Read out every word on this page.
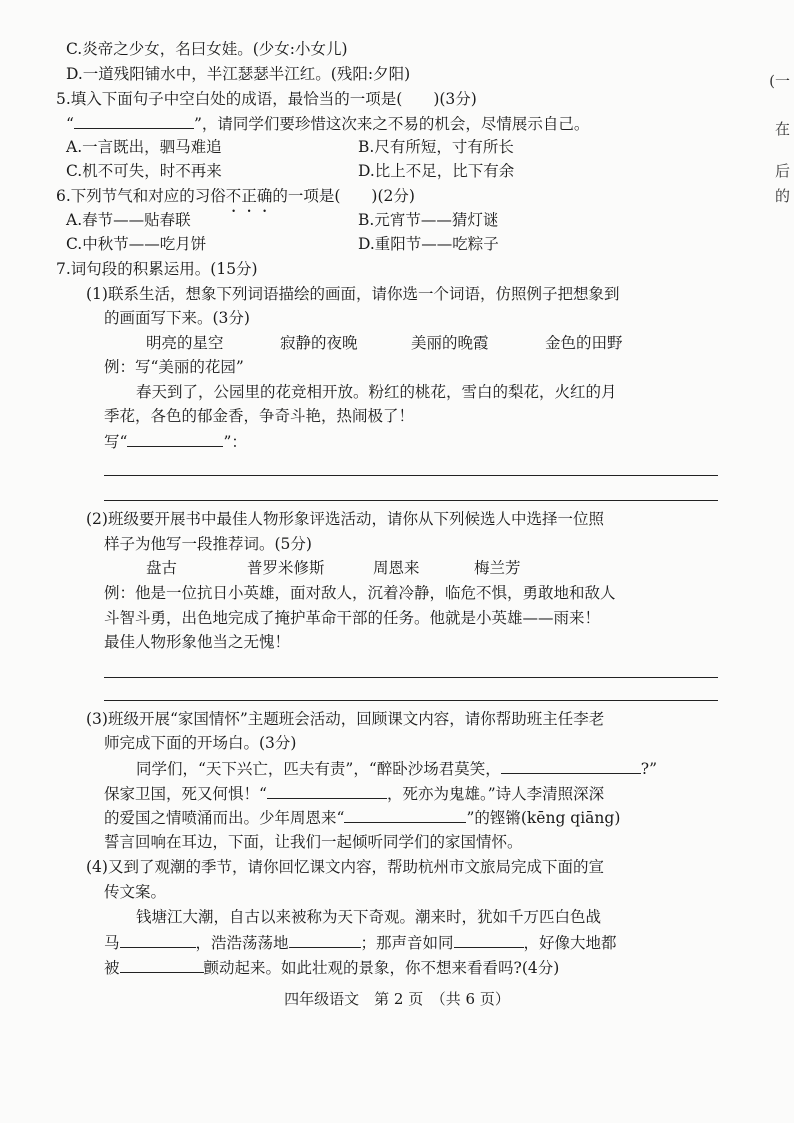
C.炎帝之少女，名曰女娃。(少女:小女儿)
D.一道残阳铺水中，半江瑟瑟半江红。(残阳:夕阳)
5.填入下面句子中空白处的成语，最恰当的一项是(　　)(3分)
“	”，请同学们要珍惜这次来之不易的机会，尽情展示自己。
A.一言既出，驷马难追	B.尺有所短，寸有所长
C.机不可失，时不再来	D.比上不足，比下有余
6.下列节气和对应的习俗不正确的一项是(　　)(2分)
A.春节——贴春联	B.元宵节——猜灯谜
C.中秋节——吃月饼	D.重阳节——吃粽子
7.词句段的积累运用。(15分)
(1)联系生活，想象下列词语描绘的画面，请你选一个词语，仿照例子把想象到
的画面写下来。(3分)
明亮的星空	寂静的夜晚	美丽的晚霞	金色的田野
例：写“美丽的花园”
春天到了，公园里的花竞相开放。粉红的桃花，雪白的梨花，火红的月
季花，各色的郁金香，争奇斗艳，热闹极了！
写“	”：
(2)班级要开展书中最佳人物形象评选活动，请你从下列候选人中选择一位照
样子为他写一段推荐词。(5分)
盘古	普罗米修斯	周恩来	梅兰芳
例：他是一位抗日小英雄，面对敌人，沉着冷静，临危不惧，勇敢地和敌人
斗智斗勇，出色地完成了掩护革命干部的任务。他就是小英雄——雨来！
最佳人物形象他当之无愧！
(3)班级开展“家国情怀”主题班会活动，回顾课文内容，请你帮助班主任李老
师完成下面的开场白。(3分)
同学们，“天下兴亡，匹夫有责”，“醉卧沙场君莫笑，	?”
保家卫国，死又何惧！“	，死亦为鬼雄。”诗人李清照深深
的爱国之情喷涌而出。少年周恩来“	”的铿锵(kēng qiāng)
誓言回响在耳边，下面，让我们一起倾听同学们的家国情怀。
(4)又到了观潮的季节，请你回忆课文内容，帮助杭州市文旅局完成下面的宣
传文案。
钱塘江大潮，自古以来被称为天下奇观。潮来时，犹如千万匹白色战
马	，浩浩荡荡地	；那声音如同	，好像大地都
被	颤动起来。如此壮观的景象，你不想来看看吗?(4分)
四年级语文　第 2 页　（共 6 页）
(一
在
后
的
